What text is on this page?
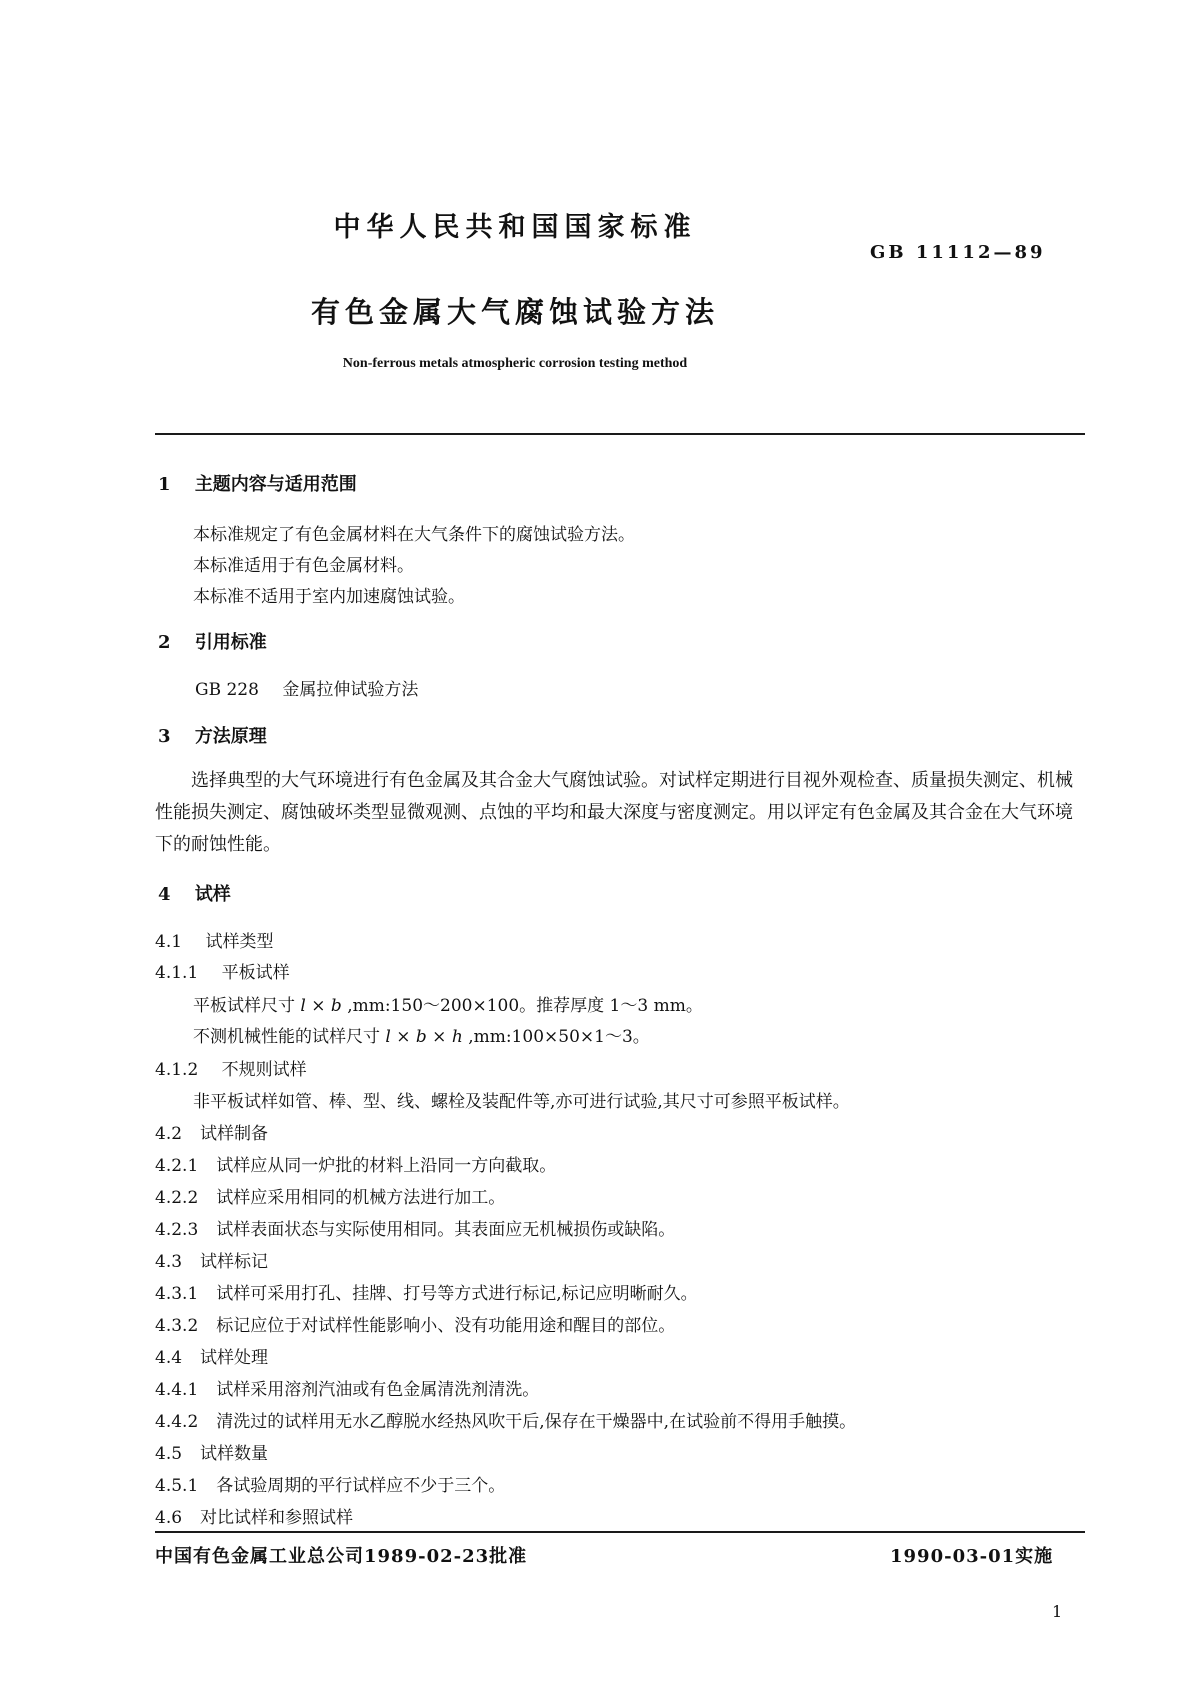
中华人民共和国国家标准
GB 11112—89
有色金属大气腐蚀试验方法
Non-ferrous metals atmospheric corrosion testing method
1 主题内容与适用范围
本标准规定了有色金属材料在大气条件下的腐蚀试验方法。
本标准适用于有色金属材料。
本标准不适用于室内加速腐蚀试验。
2 引用标准
GB 228 金属拉伸试验方法
3 方法原理
选择典型的大气环境进行有色金属及其合金大气腐蚀试验。对试样定期进行目视外观检查、质量损失测定、机械性能损失测定、腐蚀破坏类型显微观测、点蚀的平均和最大深度与密度测定。用以评定有色金属及其合金在大气环境下的耐蚀性能。
4 试样
4.1 试样类型
4.1.1 平板试样
平板试样尺寸 l × b ,mm:150～200×100。推荐厚度 1～3 mm。
不测机械性能的试样尺寸 l × b × h ,mm:100×50×1～3。
4.1.2 不规则试样
非平板试样如管、棒、型、线、螺栓及装配件等,亦可进行试验,其尺寸可参照平板试样。
4.2 试样制备
4.2.1 试样应从同一炉批的材料上沿同一方向截取。
4.2.2 试样应采用相同的机械方法进行加工。
4.2.3 试样表面状态与实际使用相同。其表面应无机械损伤或缺陷。
4.3 试样标记
4.3.1 试样可采用打孔、挂牌、打号等方式进行标记,标记应明晰耐久。
4.3.2 标记应位于对试样性能影响小、没有功能用途和醒目的部位。
4.4 试样处理
4.4.1 试样采用溶剂汽油或有色金属清洗剂清洗。
4.4.2 清洗过的试样用无水乙醇脱水经热风吹干后,保存在干燥器中,在试验前不得用手触摸。
4.5 试样数量
4.5.1 各试验周期的平行试样应不少于三个。
4.6 对比试样和参照试样
中国有色金属工业总公司1989-02-23批准	1990-03-01实施
1
